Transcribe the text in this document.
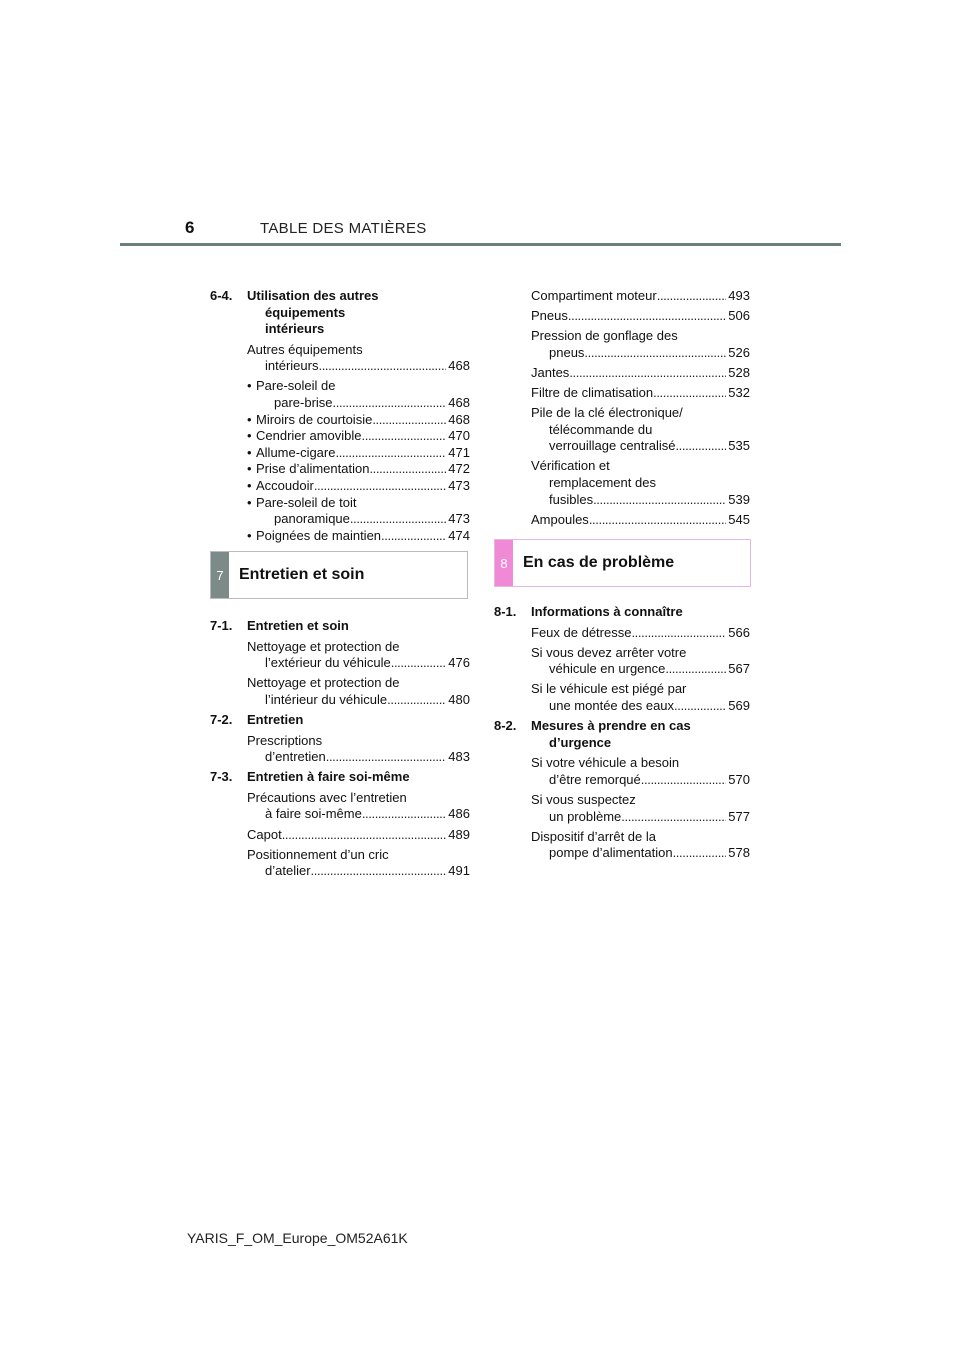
6	TABLE DES MATIÈRES
6-4. Utilisation des autres
équipements
intérieurs
Autres équipements
intérieurs . . .	468
• Pare-soleil de
pare-brise . . .	468
• Miroirs de courtoisie . . .	468
• Cendrier amovible . . .	470
• Allume-cigare . . .	471
• Prise d’alimentation . . .	472
• Accoudoir . . .	473
• Pare-soleil de toit
panoramique . . .	473
• Poignées de maintien . . .	474
7 Entretien et soin
7-1. Entretien et soin
Nettoyage et protection de
l’extérieur du véhicule . . .	476
Nettoyage et protection de
l’intérieur du véhicule . . .	480
7-2. Entretien
Prescriptions
d’entretien . . .	483
7-3. Entretien à faire soi-même
Précautions avec l’entretien
à faire soi-même . . .	486
Capot . . .	489
Positionnement d’un cric
d’atelier . . .	491
Compartiment moteur . . .	493
Pneus . . .	506
Pression de gonflage des
pneus . . .	526
Jantes . . .	528
Filtre de climatisation . . .	532
Pile de la clé électronique/
télécommande du
verrouillage centralisé . . .	535
Vérification et
remplacement des
fusibles . . .	539
Ampoules . . .	545
8 En cas de problème
8-1. Informations à connaître
Feux de détresse . . .	566
Si vous devez arrêter votre
véhicule en urgence . . .	567
Si le véhicule est piégé par
une montée des eaux . . .	569
8-2. Mesures à prendre en cas
d’urgence
Si votre véhicule a besoin
d’être remorqué . . .	570
Si vous suspectez
un problème . . .	577
Dispositif d’arrêt de la
pompe d’alimentation . . .	578
YARIS_F_OM_Europe_OM52A61K
